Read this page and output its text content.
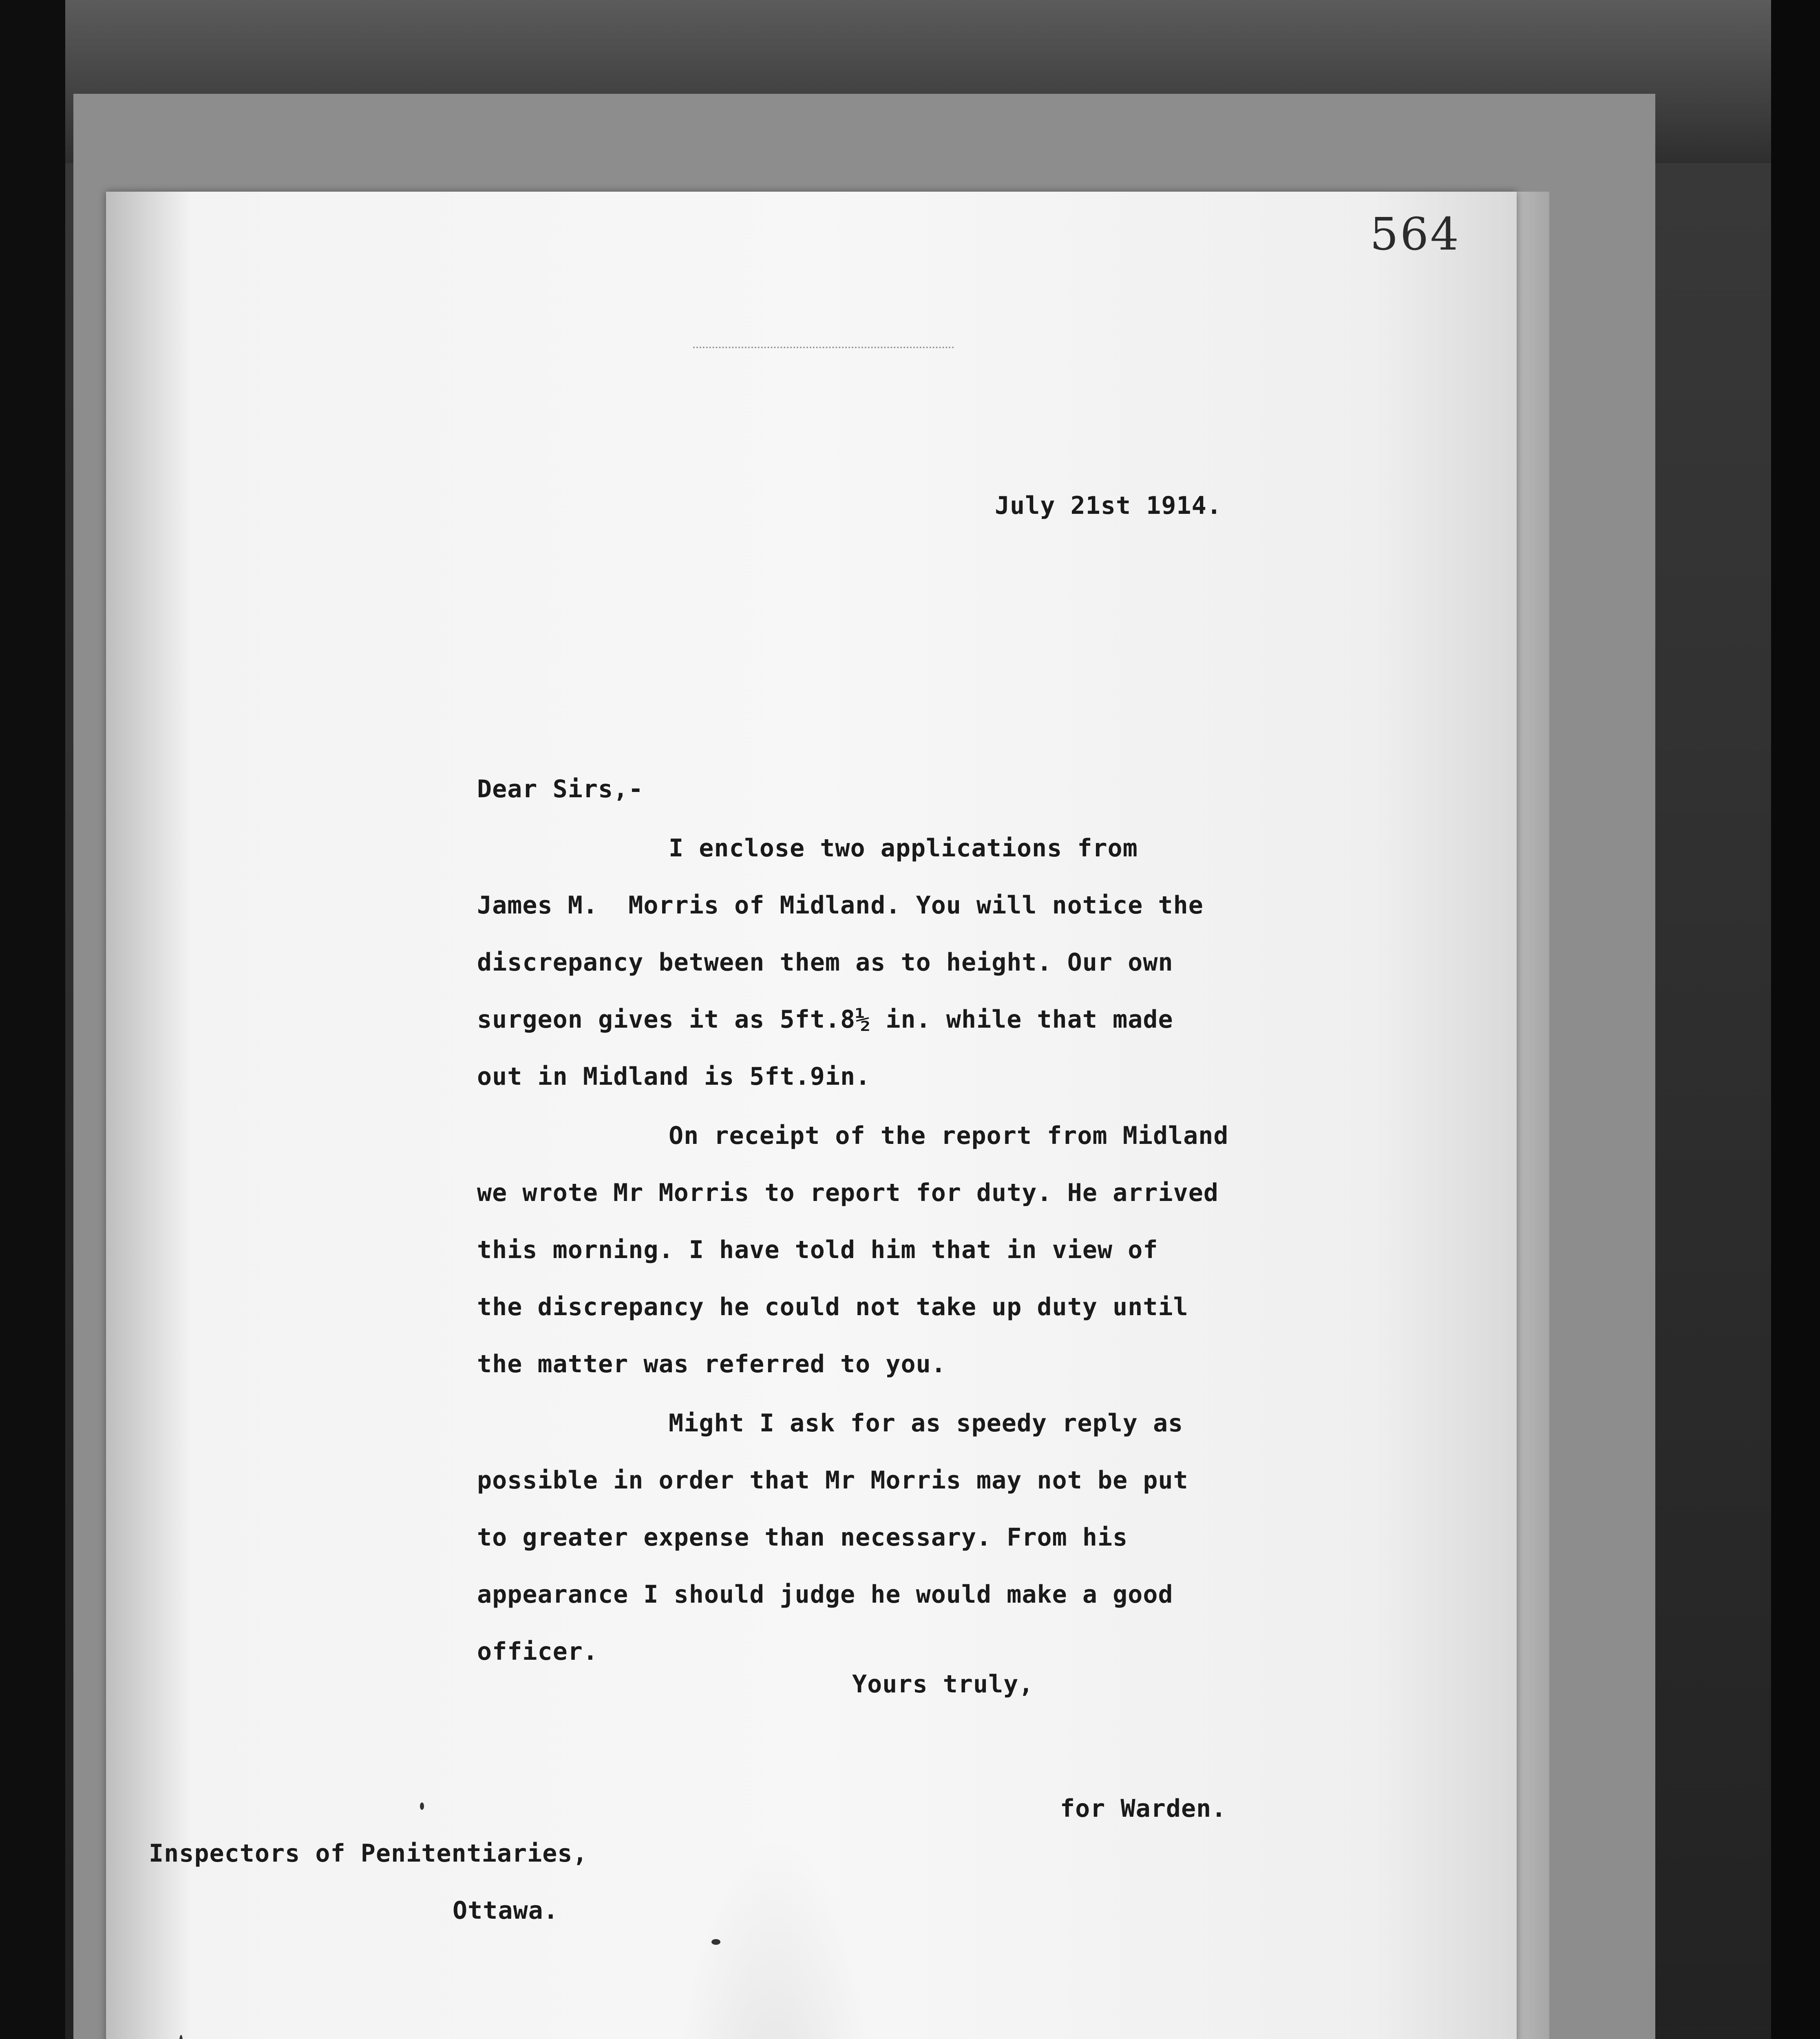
564
July 21st 1914.
Dear Sirs,-
I enclose two applications from
James M.  Morris of Midland. You will notice the
discrepancy between them as to height. Our own
surgeon gives it as 5ft.8½ in. while that made
out in Midland is 5ft.9in.
On receipt of the report from Midland
we wrote Mr Morris to report for duty. He arrived
this morning. I have told him that in view of
the discrepancy he could not take up duty until
the matter was referred to you.
Might I ask for as speedy reply as
possible in order that Mr Morris may not be put
to greater expense than necessary. From his
appearance I should judge he would make a good
officer.
Yours truly,
for Warden.
Inspectors of Penitentiaries,
Ottawa.
